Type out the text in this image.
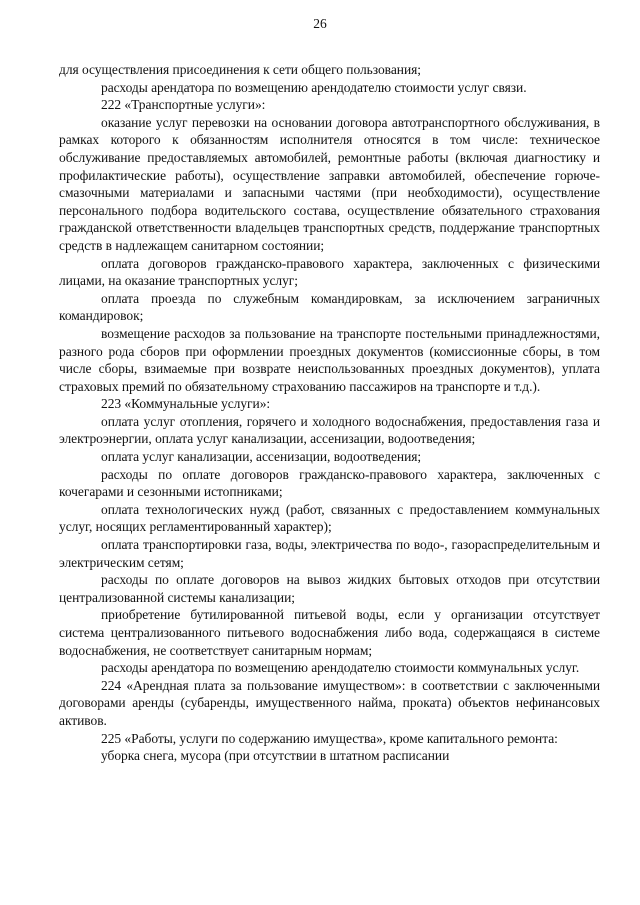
26

для осуществления присоединения к сети общего пользования;

расходы арендатора по возмещению арендодателю стоимости услуг связи.

222 «Транспортные услуги»:

оказание услуг перевозки на основании договора автотранспортного обслуживания, в рамках которого к обязанностям исполнителя относятся в том числе: техническое обслуживание предоставляемых автомобилей, ремонтные работы (включая диагностику и профилактические работы), осуществление заправки автомобилей, обеспечение горюче-смазочными материалами и запасными частями (при необходимости), осуществление персонального подбора водительского состава, осуществление обязательного страхования гражданской ответственности владельцев транспортных средств, поддержание транспортных средств в надлежащем санитарном состоянии;

оплата договоров гражданско-правового характера, заключенных с физическими лицами, на оказание транспортных услуг;

оплата проезда по служебным командировкам, за исключением заграничных командировок;

возмещение расходов за пользование на транспорте постельными принадлежностями, разного рода сборов при оформлении проездных документов (комиссионные сборы, в том числе сборы, взимаемые при возврате неиспользованных проездных документов), уплата страховых премий по обязательному страхованию пассажиров на транспорте и т.д.).

223 «Коммунальные услуги»:

оплата услуг отопления, горячего и холодного водоснабжения, предоставления газа и электроэнергии, оплата услуг канализации, ассенизации, водоотведения;

оплата услуг канализации, ассенизации, водоотведения;

расходы по оплате договоров гражданско-правового характера, заключенных с кочегарами и сезонными истопниками;

оплата технологических нужд (работ, связанных с предоставлением коммунальных услуг, носящих регламентированный характер);

оплата транспортировки газа, воды, электричества по водо-, газораспределительным и электрическим сетям;

расходы по оплате договоров на вывоз жидких бытовых отходов при отсутствии централизованной системы канализации;

приобретение бутилированной питьевой воды, если у организации отсутствует система централизованного питьевого водоснабжения либо вода, содержащаяся в системе водоснабжения, не соответствует санитарным нормам;

расходы арендатора по возмещению арендодателю стоимости коммунальных услуг.

224 «Арендная плата за пользование имуществом»: в соответствии с заключенными договорами аренды (субаренды, имущественного найма, проката) объектов нефинансовых активов.

225 «Работы, услуги по содержанию имущества», кроме капитального ремонта:

уборка снега, мусора (при отсутствии в штатном расписании
